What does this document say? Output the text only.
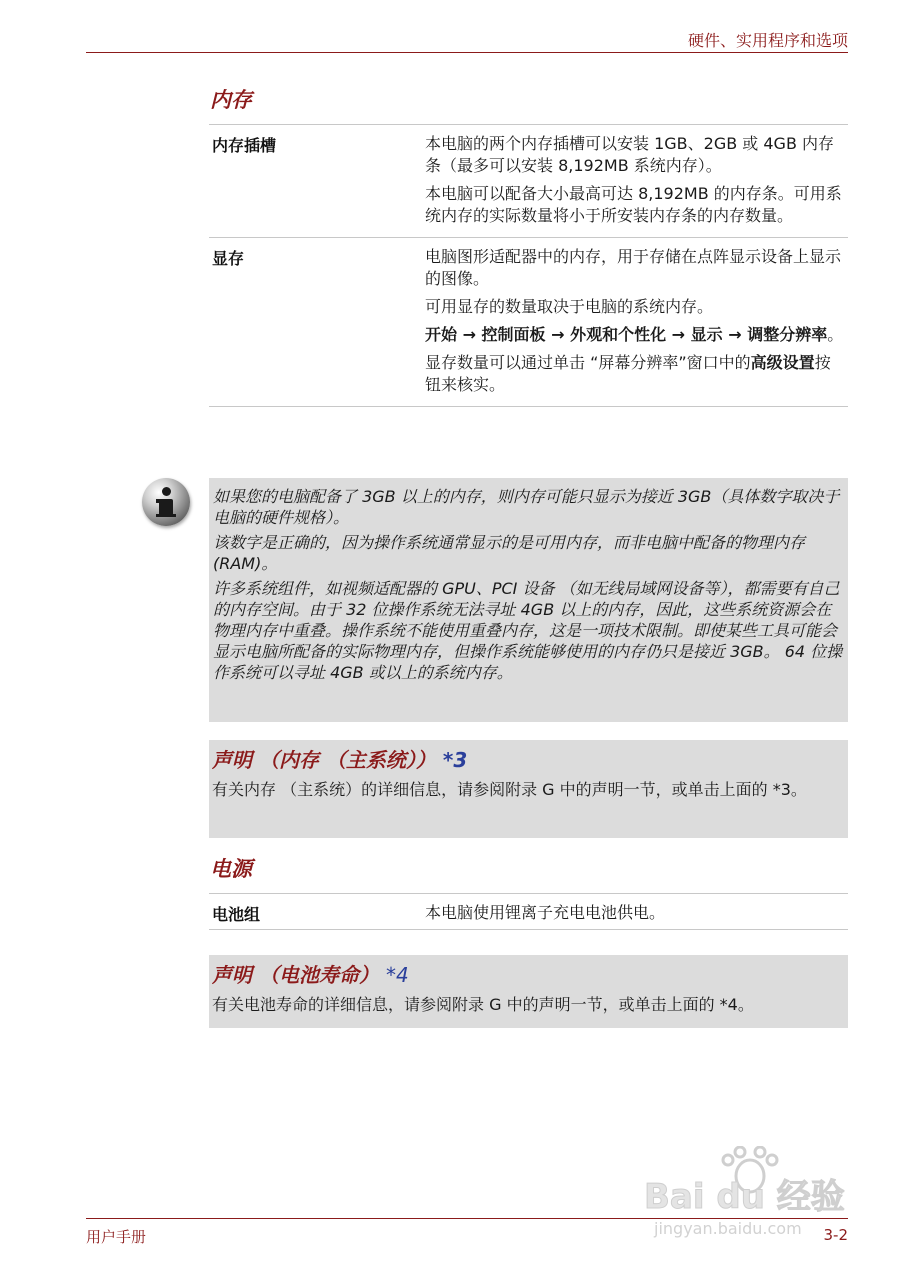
硬件、实用程序和选项
内存
内存插槽	本电脑的两个内存插槽可以安装 1GB、2GB 或 4GB 内存条（最多可以安装 8,192MB 系统内存）。

本电脑可以配备大小最高可达 8,192MB 的内存条。可用系统内存的实际数量将小于所安装内存条的内存数量。

显存	电脑图形适配器中的内存，用于存储在点阵显示设备上显示的图像。

可用显存的数量取决于电脑的系统内存。

开始 → 控制面板 → 外观和个性化 → 显示 → 调整分辨率。

显存数量可以通过单击 “屏幕分辨率”窗口中的高级设置按钮来核实。

如果您的电脑配备了 3GB 以上的内存，则内存可能只显示为接近 3GB（具体数字取决于电脑的硬件规格）。

该数字是正确的，因为操作系统通常显示的是可用内存，而非电脑中配备的物理内存 (RAM)。

许多系统组件，如视频适配器的 GPU、PCI 设备 （如无线局域网设备等），都需要有自己的内存空间。由于 32 位操作系统无法寻址 4GB 以上的内存，因此，这些系统资源会在物理内存中重叠。操作系统不能使用重叠内存，这是一项技术限制。即使某些工具可能会显示电脑所配备的实际物理内存，但操作系统能够使用的内存仍只是接近 3GB。 64 位操作系统可以寻址 4GB 或以上的系统内存。

声明 （内存 （主系统）） *3
有关内存 （主系统）的详细信息，请参阅附录 G 中的声明一节，或单击上面的 *3。
电源
电池组	本电脑使用锂离子充电电池供电。

声明 （电池寿命） *4
有关电池寿命的详细信息，请参阅附录 G 中的声明一节，或单击上面的 *4。
Bai du 经验
jingyan.baidu.com
用户手册	3-2
